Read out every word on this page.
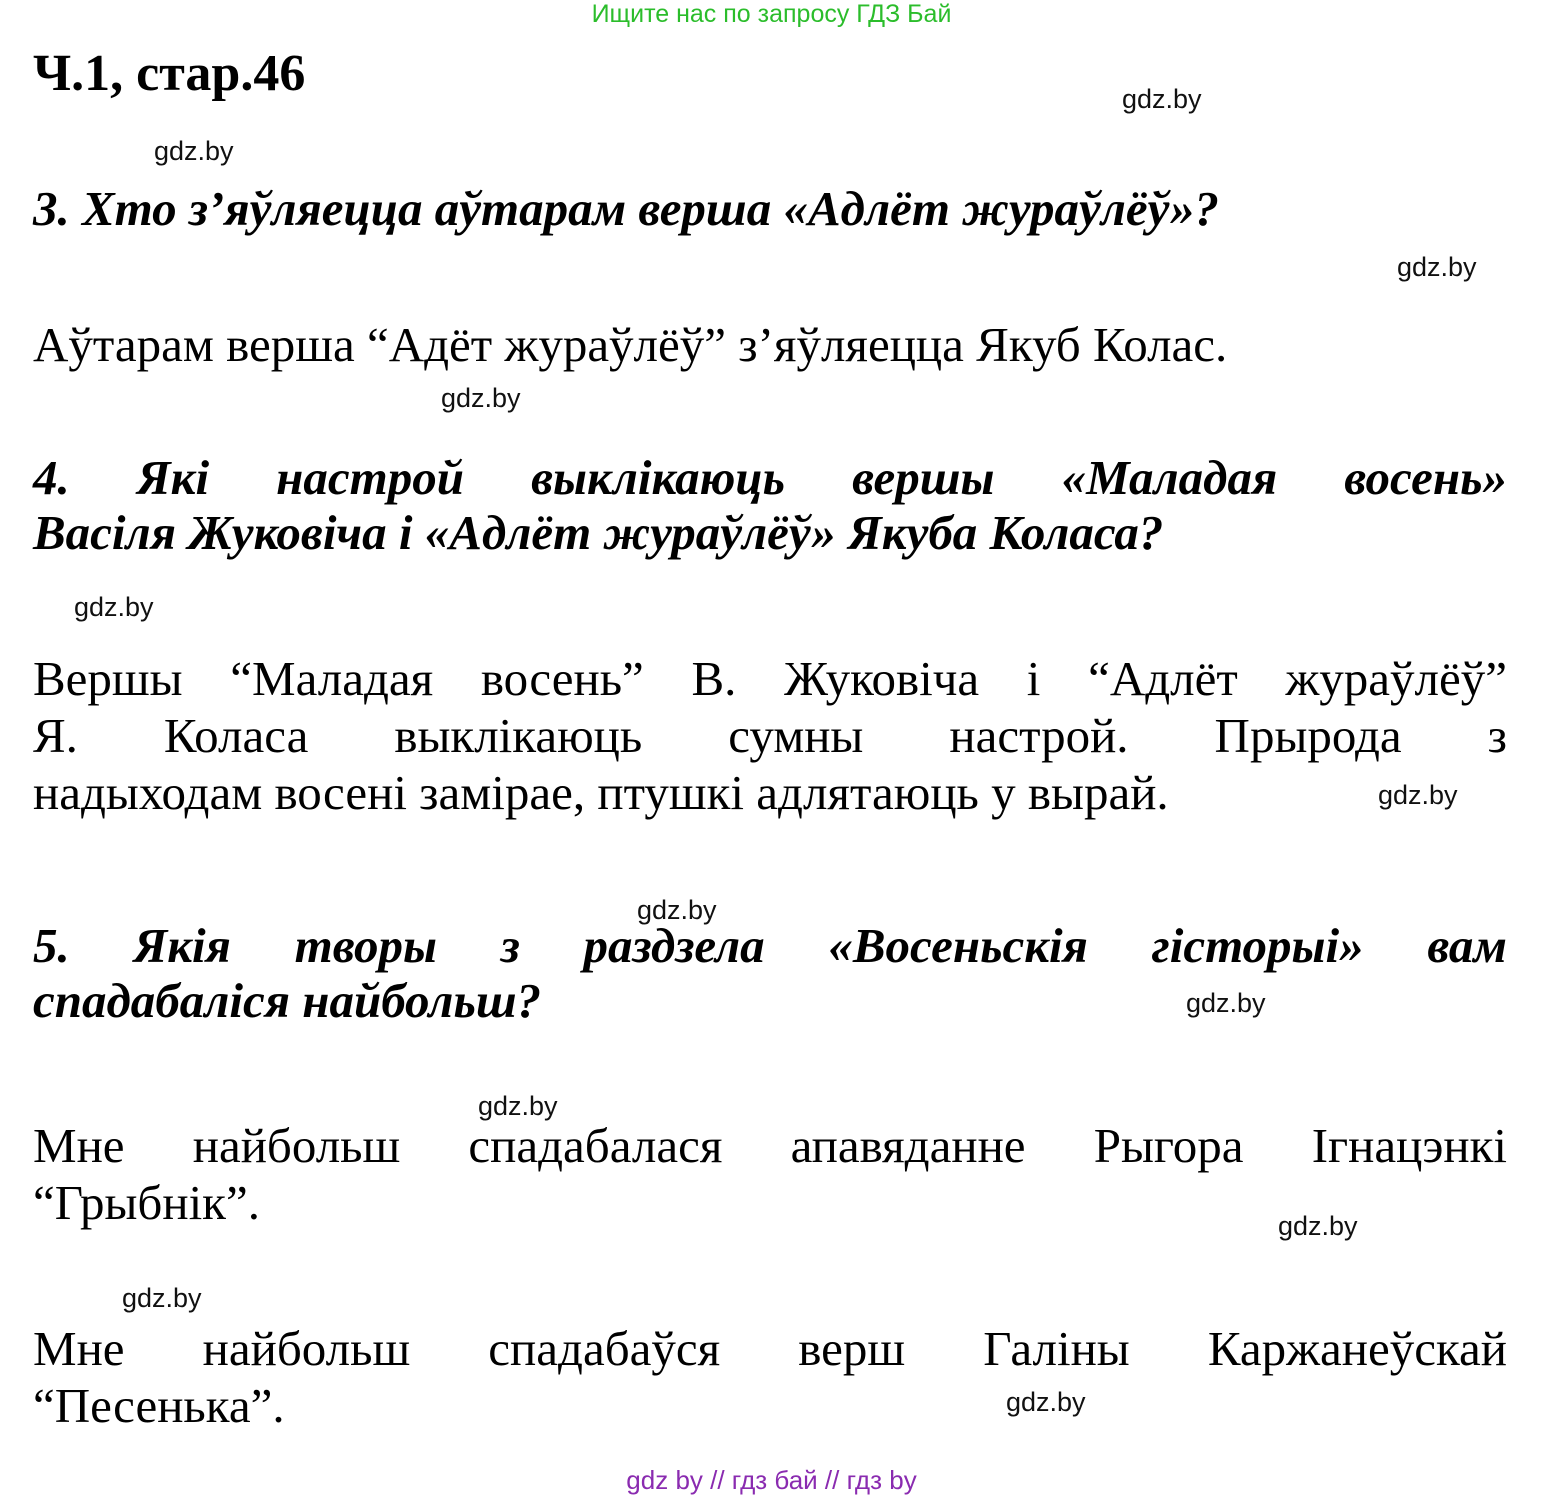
Ищите нас по запросу ГДЗ Бай
Ч.1, стар.46	gdz.by
gdz.by
3. Хто з’яўляецца аўтарам верша «Адлёт жураўлёў»?
gdz.by
Аўтарам верша “Адёт жураўлёў” з’яўляецца Якуб Колас.
gdz.by
4. Які настрой выклікаюць вершы «Маладая восень»
Васіля Жуковіча і «Адлёт жураўлёў» Якуба Коласа?
gdz.by
Вершы “Маладая восень” В. Жуковіча і “Адлёт жураўлёў”
Я. Коласа выклікаюць сумны настрой. Прырода з
надыходам восені замірае, птушкі адлятаюць у вырай.	gdz.by
gdz.by
5. Якія творы з раздзела «Восеньскія гісторыі» вам
спадабаліся найбольш?	gdz.by
gdz.by
Мне найбольш спадабалася апавяданне Рыгора Ігнацэнкі
“Грыбнік”.	gdz.by
gdz.by
Мне найбольш спадабаўся верш Галіны Каржанеўскай
“Песенька”.	gdz.by
gdz by // гдз бай // гдз by
